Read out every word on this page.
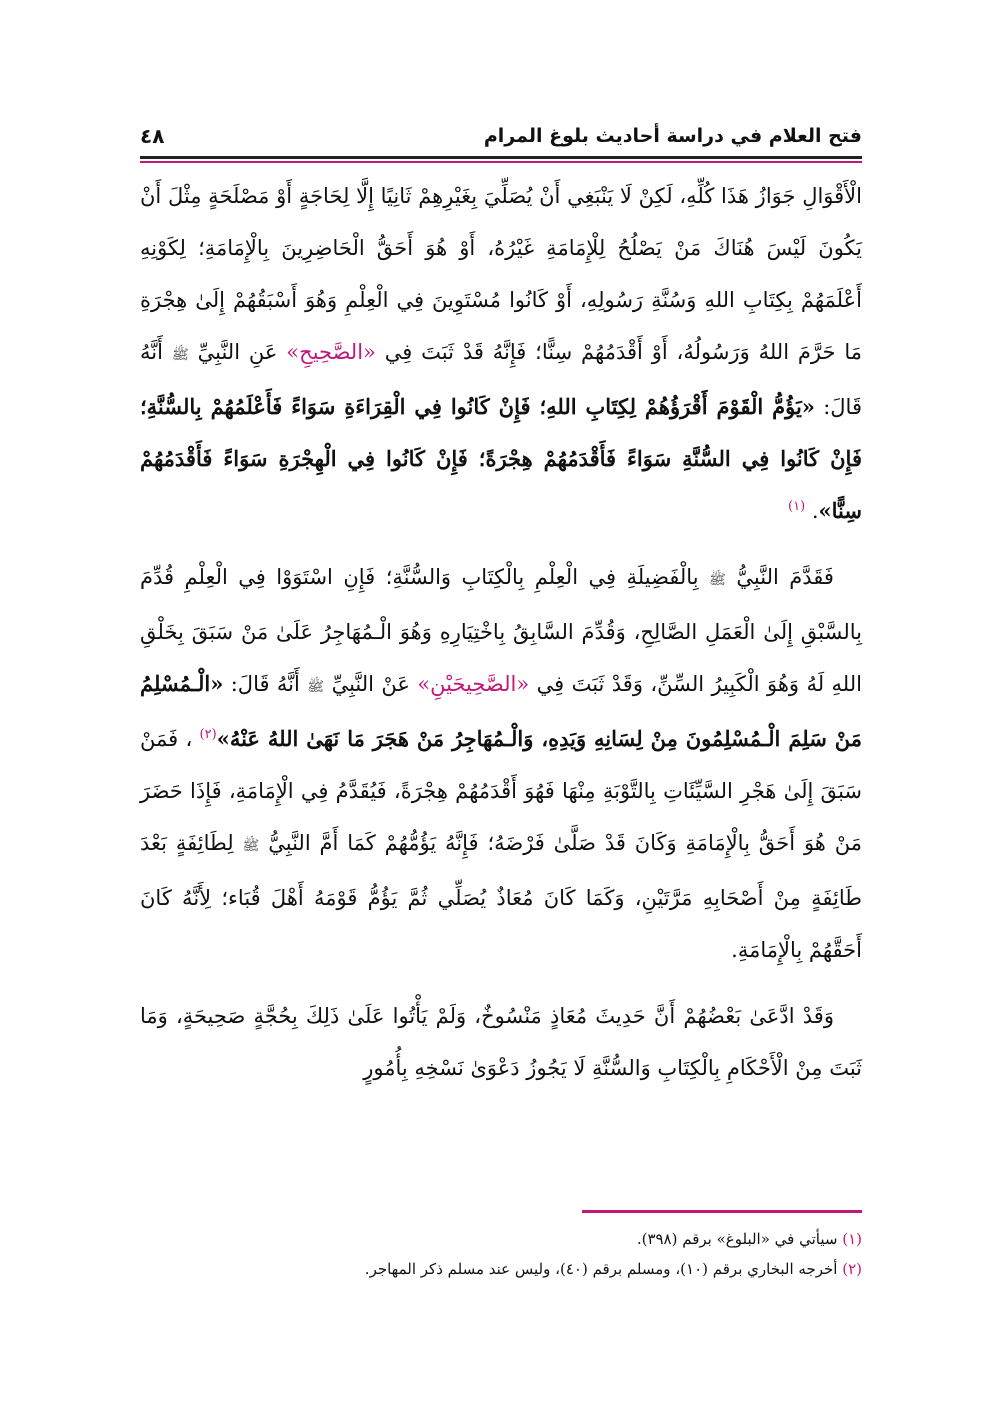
فتح العلام في دراسة أحاديث بلوغ المرام
٤٨

الْأَقْوَالِ جَوَازُ هَذَا كُلِّهِ، لَكِنْ لَا يَنْبَغِي أَنْ يُصَلِّيَ بِغَيْرِهِمْ ثَانِيًا إِلَّا لِحَاجَةٍ أَوْ مَصْلَحَةٍ مِثْلَ أَنْ يَكُونَ لَيْسَ هُنَاكَ مَنْ يَصْلُحُ لِلْإِمَامَةِ غَيْرُهُ، أَوْ هُوَ أَحَقُّ الْحَاضِرِينَ بِالْإِمَامَةِ؛ لِكَوْنِهِ أَعْلَمَهُمْ بِكِتَابِ اللهِ وَسُنَّةِ رَسُولِهِ، أَوْ كَانُوا مُسْتَوِينَ فِي الْعِلْمِ وَهُوَ أَسْبَقُهُمْ إِلَىٰ هِجْرَةِ مَا حَرَّمَ اللهُ وَرَسُولُهُ، أَوْ أَقْدَمُهُمْ سِنًّا؛ فَإِنَّهُ قَدْ ثَبَتَ فِي «الصَّحِيحِ» عَنِ النَّبِيِّ ﷺ أَنَّهُ قَالَ: «يَؤُمُّ الْقَوْمَ أَقْرَؤُهُمْ لِكِتَابِ اللهِ؛ فَإِنْ كَانُوا فِي الْقِرَاءَةِ سَوَاءً فَأَعْلَمُهُمْ بِالسُّنَّةِ؛ فَإِنْ كَانُوا فِي السُّنَّةِ سَوَاءً فَأَقْدَمُهُمْ هِجْرَةً؛ فَإِنْ كَانُوا فِي الْهِجْرَةِ سَوَاءً فَأَقْدَمُهُمْ سِنًّا». $^{(١)}$

فَقَدَّمَ النَّبِيُّ ﷺ بِالْفَضِيلَةِ فِي الْعِلْمِ بِالْكِتَابِ وَالسُّنَّةِ؛ فَإِنِ اسْتَوَوْا فِي الْعِلْمِ قُدِّمَ بِالسَّبْقِ إِلَىٰ الْعَمَلِ الصَّالِحِ، وَقُدِّمَ السَّابِقُ بِاخْتِيَارِهِ وَهُوَ الْـمُهَاجِرُ عَلَىٰ مَنْ سَبَقَ بِخَلْقِ اللهِ لَهُ وَهُوَ الْكَبِيرُ السِّنِّ، وَقَدْ ثَبَتَ فِي «الصَّحِيحَيْنِ» عَنْ النَّبِيِّ ﷺ أَنَّهُ قَالَ: «الْـمُسْلِمُ مَنْ سَلِمَ الْـمُسْلِمُونَ مِنْ لِسَانِهِ وَيَدِهِ، وَالْـمُهَاجِرُ مَنْ هَجَرَ مَا نَهَىٰ اللهُ عَنْهُ»$^{(٢)}$ ، فَمَنْ سَبَقَ إِلَىٰ هَجْرِ السَّيِّئَاتِ بِالتَّوْبَةِ مِنْهَا فَهُوَ أَقْدَمُهُمْ هِجْرَةً، فَيُقَدَّمُ فِي الْإِمَامَةِ، فَإِذَا حَضَرَ مَنْ هُوَ أَحَقُّ بِالْإِمَامَةِ وَكَانَ قَدْ صَلَّىٰ فَرْضَهُ؛ فَإِنَّهُ يَؤُمُّهُمْ كَمَا أَمَّ النَّبِيُّ ﷺ لِطَائِفَةٍ بَعْدَ طَائِفَةٍ مِنْ أَصْحَابِهِ مَرَّتَيْنِ، وَكَمَا كَانَ مُعَاذٌ يُصَلِّي ثُمَّ يَؤُمُّ قَوْمَهُ أَهْلَ قُبَاء؛ لِأَنَّهُ كَانَ أَحَقَّهُمْ بِالْإِمَامَةِ.

وَقَدْ ادَّعَىٰ بَعْضُهُمْ أَنَّ حَدِيثَ مُعَاذٍ مَنْسُوخٌ، وَلَمْ يَأْتُوا عَلَىٰ ذَلِكَ بِحُجَّةٍ صَحِيحَةٍ، وَمَا ثَبَتَ مِنْ الْأَحْكَامِ بِالْكِتَابِ وَالسُّنَّةِ لَا يَجُوزُ دَعْوَىٰ نَسْخِهِ بِأُمُورٍ

(١) سيأتي في «البلوغ» برقم (٣٩٨).

(٢) أخرجه البخاري برقم (١٠)، ومسلم برقم (٤٠)، وليس عند مسلم ذكر المهاجر.
